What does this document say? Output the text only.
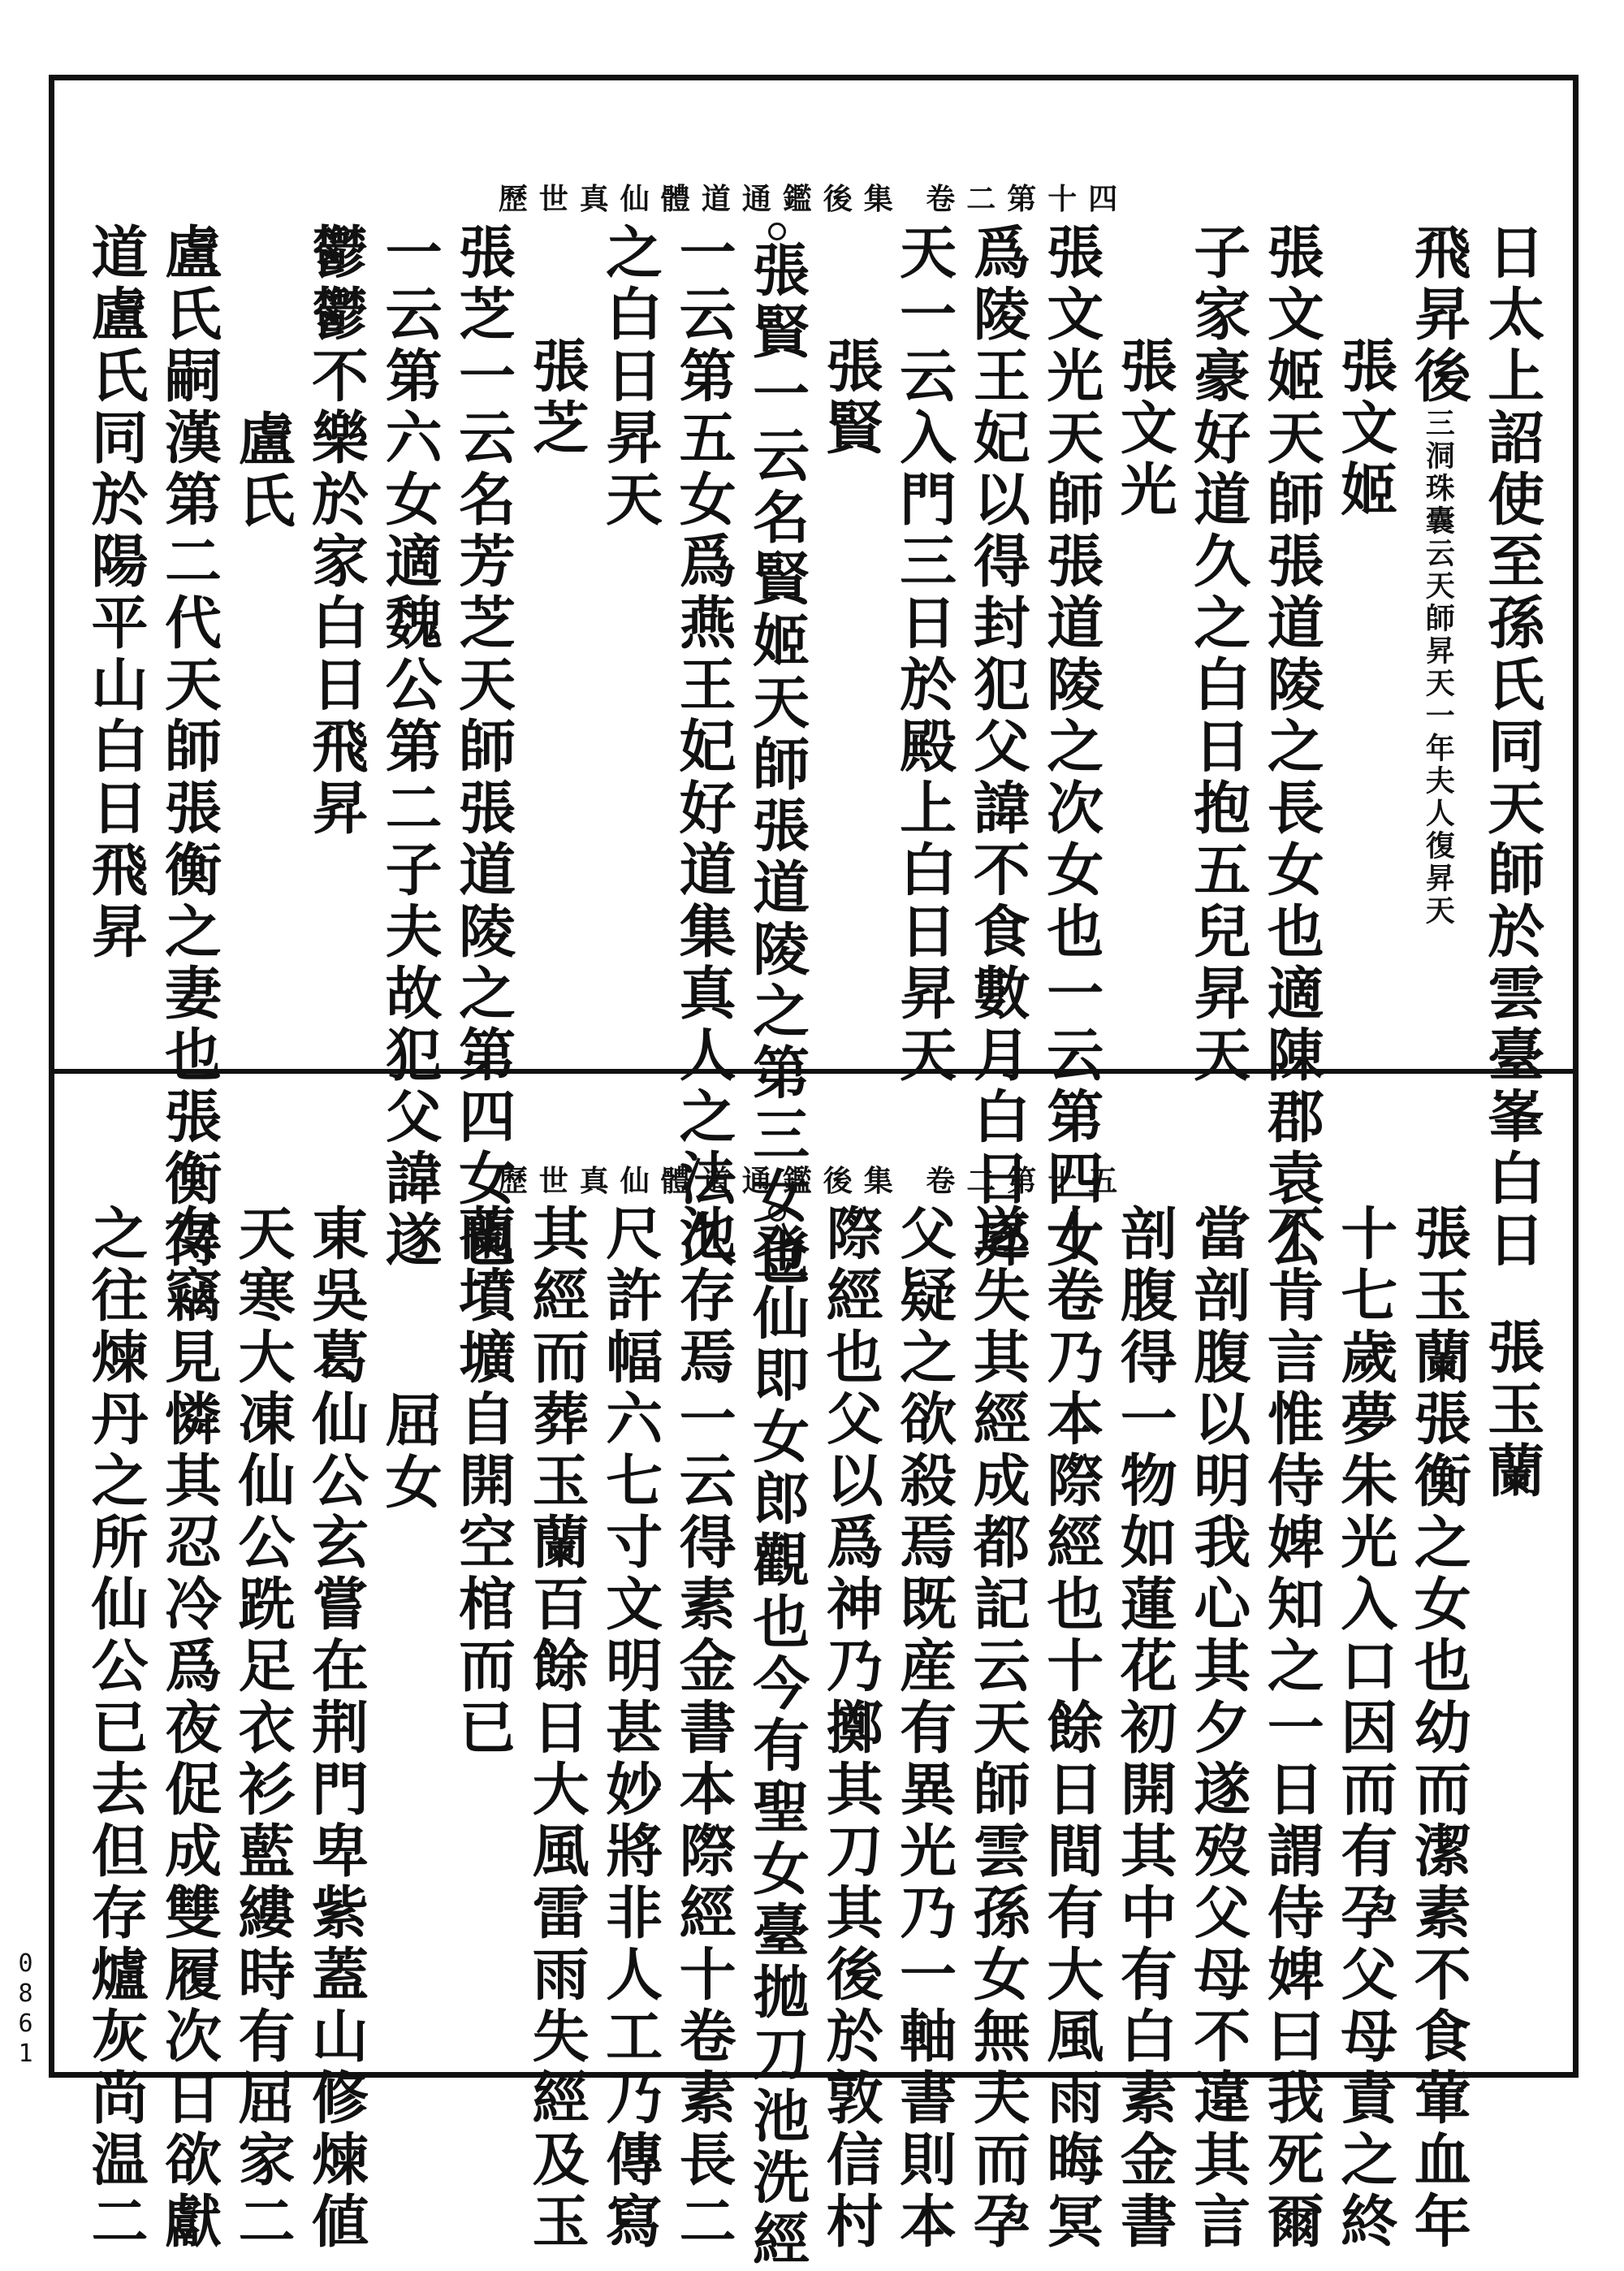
歷世真仙體道通鑑後集 卷二第十四
日太上詔使至孫氏同天師於雲臺峯白日
飛昇後三洞珠囊云天師昇天一年夫人復昇天
張文姬
張文姬天師張道陵之長女也適陳郡袁公
子家豪好道久之白日抱五兒昇天
張文光
張文光天師張道陵之次女也一云第四女
爲陵王妃以得封犯父諱不食數月白日昇
天一云入門三日於殿上白日昇天
張賢
張賢一云名賢姬天師張道陵之第三女也
一云第五女爲燕王妃好道集真人之法久
之白日昇天
張芝
張芝一云名芳芝天師張道陵之第四女也
一云第六女適魏公第二子夫故犯父諱遂
鬱鬱不樂於家白日飛昇
盧氏
盧氏嗣漢第二代天師張衡之妻也張衡得
道盧氏同於陽平山白日飛昇
歷世真仙體道通鑑後集 卷二第十五
張玉蘭
張玉蘭張衡之女也幼而潔素不食葷血年
十七歲夢朱光入口因而有孕父母責之終
不肯言惟侍婢知之一日謂侍婢曰我死爾
當剖腹以明我心其夕遂歿父母不違其言
剖腹得一物如蓮花初開其中有白素金書
十卷乃本際經也十餘日間有大風雨晦冥
遂失其經成都記云天師雲孫女無夫而孕
父疑之欲殺焉既産有異光乃一軸書則本
際經也父以爲神乃擲其刀其後於敦信村
登仙即女郎觀也今有聖女臺拋刀池洗經
池存焉一云得素金書本際經十卷素長二
尺許幅六七寸文明甚妙將非人工乃傳寫
其經而葬玉蘭百餘日大風雷雨失經及玉
蘭墳壙自開空棺而已
屈女
東吳葛仙公玄嘗在荆門卑紫蓋山修煉値
天寒大凍仙公跣足衣衫藍縷時有屈家二
女竊見憐其忍冷爲夜促成雙履次日欲獻
之往煉丹之所仙公已去但存爐灰尚温二
0861
